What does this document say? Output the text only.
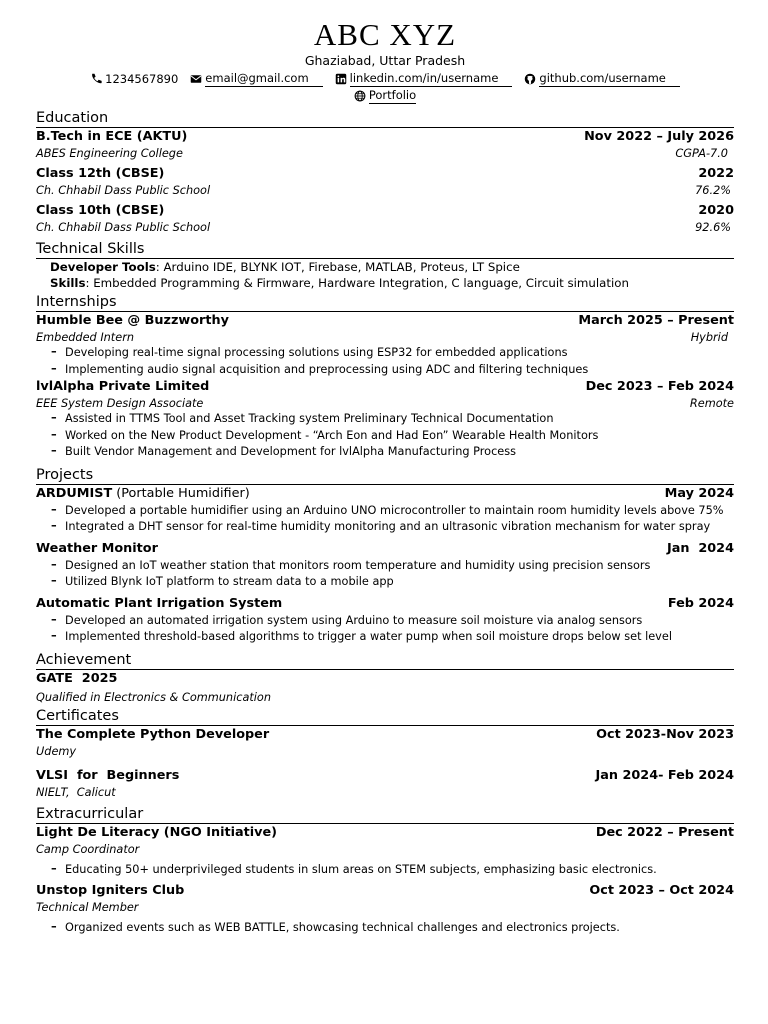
ABC XYZ
Ghaziabad, Uttar Pradesh
1234567890 email@gmail.com	linkedin.com/in/username	github.com/username
Portfolio
Education
B.Tech in ECE (AKTU)	Nov 2022 – July 2026
ABES Engineering College	CGPA-7.0
Class 12th (CBSE)	2022
Ch. Chhabil Dass Public School	76.2%
Class 10th (CBSE)	2020
Ch. Chhabil Dass Public School	92.6%
Technical Skills
Developer Tools: Arduino IDE, BLYNK IOT, Firebase, MATLAB, Proteus, LT Spice
Skills: Embedded Programming & Firmware, Hardware Integration, C language, Circuit simulation
Internships
Humble Bee @ Buzzworthy	March 2025 – Present
Embedded Intern	Hybrid
– Developing real-time signal processing solutions using ESP32 for embedded applications
– Implementing audio signal acquisition and preprocessing using ADC and filtering techniques
lvlAlpha Private Limited	Dec 2023 – Feb 2024
EEE System Design Associate	Remote
– Assisted in TTMS Tool and Asset Tracking system Preliminary Technical Documentation
– Worked on the New Product Development - “Arch Eon and Had Eon” Wearable Health Monitors
– Built Vendor Management and Development for lvlAlpha Manufacturing Process
Projects
ARDUMIST (Portable Humidifier)	May 2024
– Developed a portable humidifier using an Arduino UNO microcontroller to maintain room humidity levels above 75%
– Integrated a DHT sensor for real-time humidity monitoring and an ultrasonic vibration mechanism for water spray
Weather Monitor	Jan  2024
– Designed an IoT weather station that monitors room temperature and humidity using precision sensors
– Utilized Blynk IoT platform to stream data to a mobile app
Automatic Plant Irrigation System	Feb 2024
– Developed an automated irrigation system using Arduino to measure soil moisture via analog sensors
– Implemented threshold-based algorithms to trigger a water pump when soil moisture drops below set level
Achievement
GATE  2025
Qualified in Electronics & Communication
Certificates
The Complete Python Developer	Oct 2023-Nov 2023
Udemy
VLSI  for  Beginners	Jan 2024- Feb 2024
NIELT,  Calicut
Extracurricular
Light De Literacy (NGO Initiative)	Dec 2022 – Present
Camp Coordinator
– Educating 50+ underprivileged students in slum areas on STEM subjects, emphasizing basic electronics.
Unstop Igniters Club	Oct 2023 – Oct 2024
Technical Member
– Organized events such as WEB BATTLE, showcasing technical challenges and electronics projects.
